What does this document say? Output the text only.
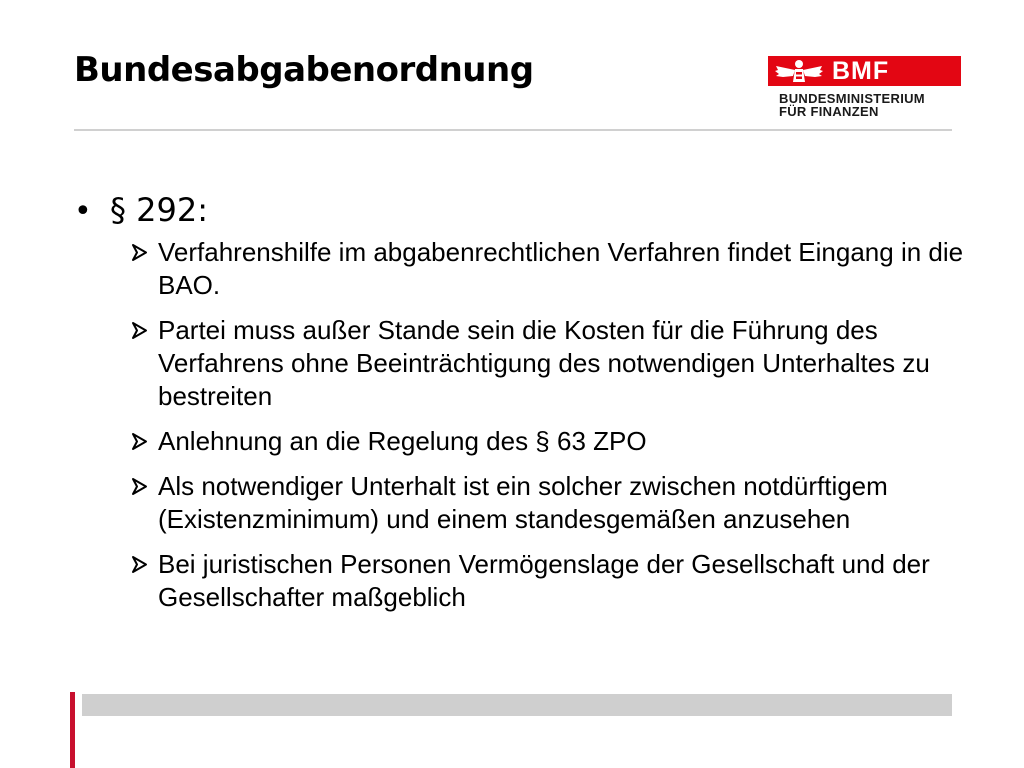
Bundesabgabenordnung	BMF
BUNDESMINISTERIUM
FÜR FINANZEN
• § 292:
Verfahrenshilfe im abgabenrechtlichen Verfahren findet Eingang in die BAO.
Partei muss außer Stande sein die Kosten für die Führung des Verfahrens ohne Beeinträchtigung des notwendigen Unterhaltes zu bestreiten
Anlehnung an die Regelung des § 63 ZPO
Als notwendiger Unterhalt ist ein solcher zwischen notdürftigem (Existenzminimum) und einem standesgemäßen anzusehen
Bei juristischen Personen Vermögenslage der Gesellschaft und der Gesellschafter maßgeblich
